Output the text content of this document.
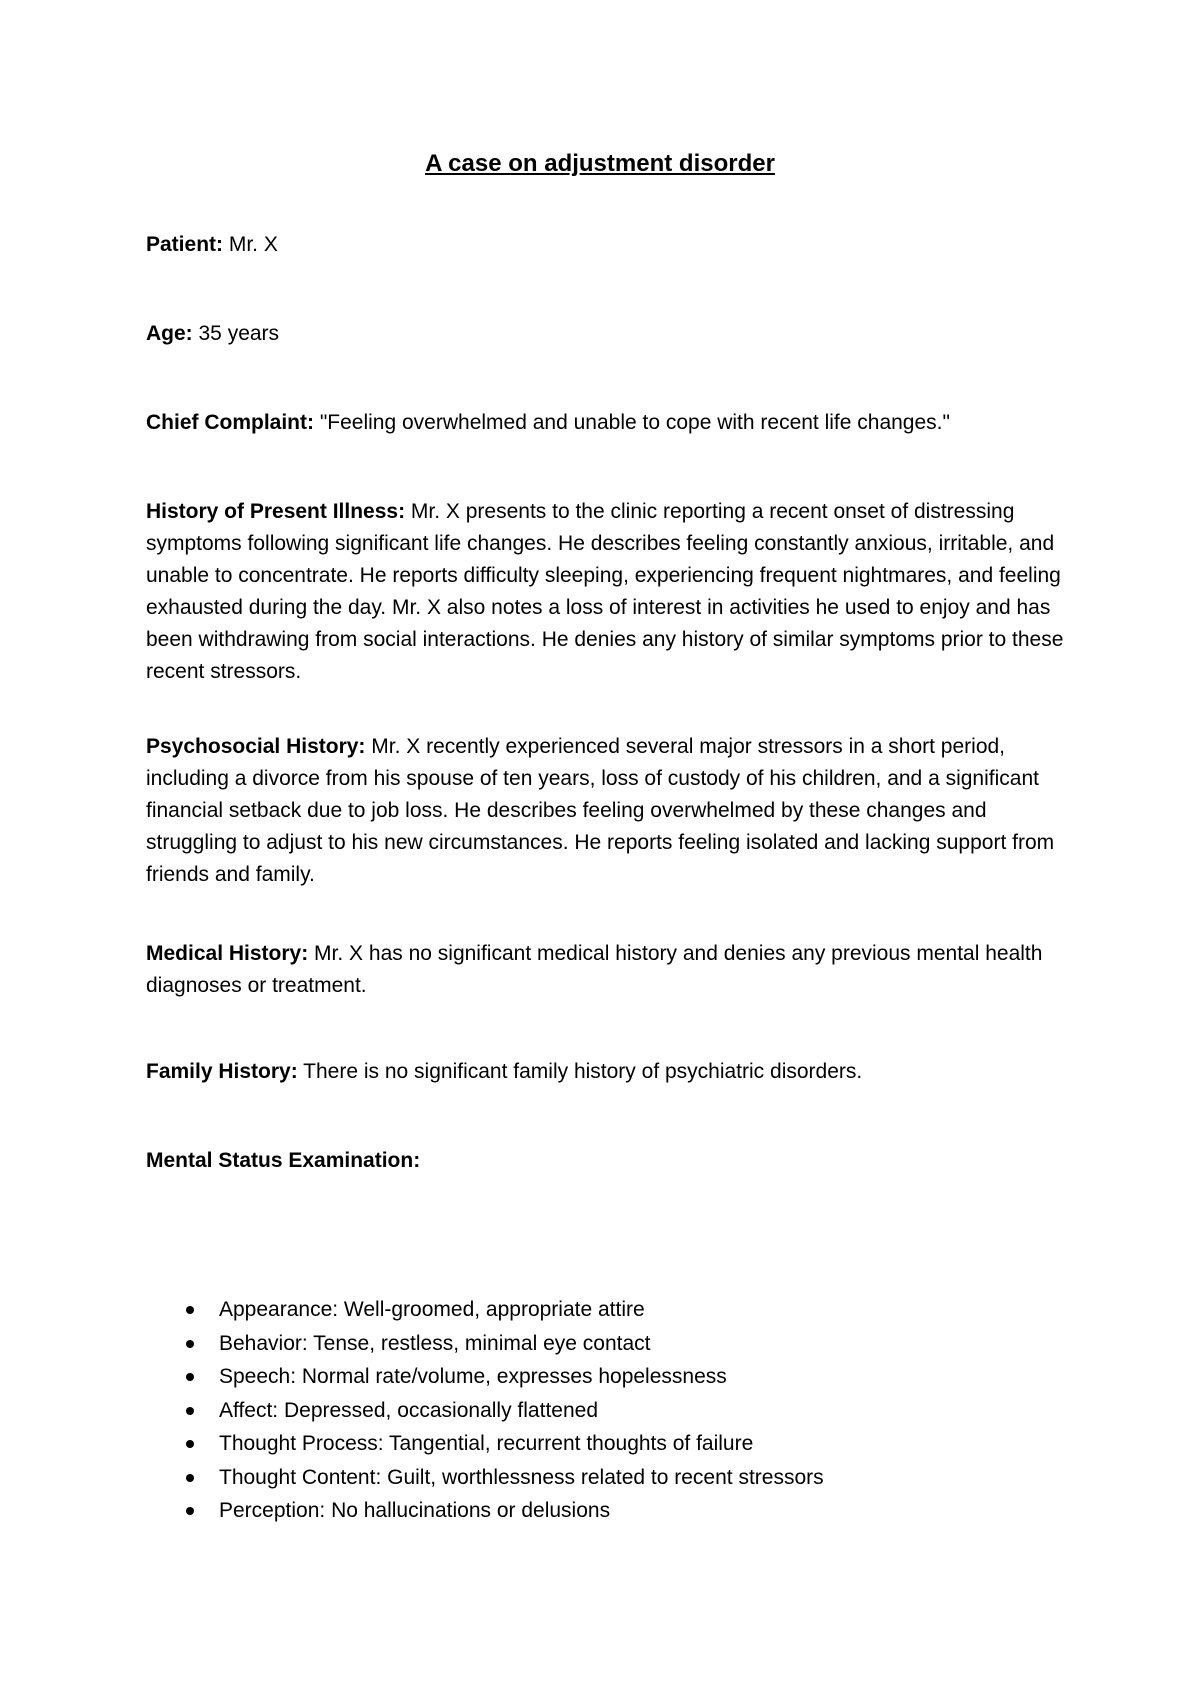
A case on adjustment disorder
Patient: Mr. X
Age: 35 years
Chief Complaint: "Feeling overwhelmed and unable to cope with recent life changes."
History of Present Illness: Mr. X presents to the clinic reporting a recent onset of distressing symptoms following significant life changes. He describes feeling constantly anxious, irritable, and unable to concentrate. He reports difficulty sleeping, experiencing frequent nightmares, and feeling exhausted during the day. Mr. X also notes a loss of interest in activities he used to enjoy and has been withdrawing from social interactions. He denies any history of similar symptoms prior to these recent stressors.
Psychosocial History: Mr. X recently experienced several major stressors in a short period, including a divorce from his spouse of ten years, loss of custody of his children, and a significant financial setback due to job loss. He describes feeling overwhelmed by these changes and struggling to adjust to his new circumstances. He reports feeling isolated and lacking support from friends and family.
Medical History: Mr. X has no significant medical history and denies any previous mental health diagnoses or treatment.
Family History: There is no significant family history of psychiatric disorders.
Mental Status Examination:
Appearance: Well-groomed, appropriate attire
Behavior: Tense, restless, minimal eye contact
Speech: Normal rate/volume, expresses hopelessness
Affect: Depressed, occasionally flattened
Thought Process: Tangential, recurrent thoughts of failure
Thought Content: Guilt, worthlessness related to recent stressors
Perception: No hallucinations or delusions
